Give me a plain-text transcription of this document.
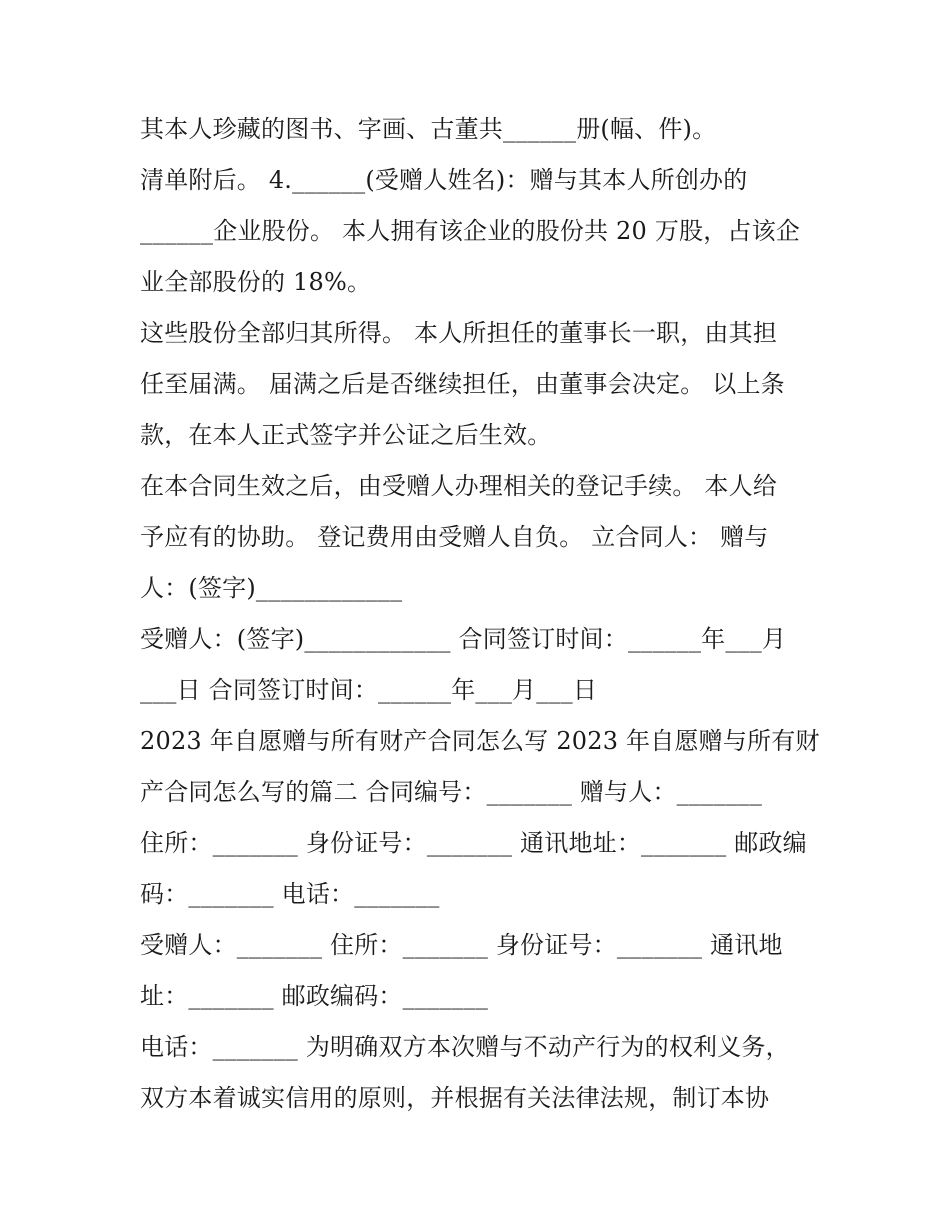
其本人珍藏的图书、字画、古董共______册(幅、件)。
清单附后。 4.______(受赠人姓名)：赠与其本人所创办的
______企业股份。 本人拥有该企业的股份共 20 万股，占该企
业全部股份的 18%。
这些股份全部归其所得。 本人所担任的董事长一职，由其担
任至届满。 届满之后是否继续担任，由董事会决定。 以上条
款，在本人正式签字并公证之后生效。
在本合同生效之后，由受赠人办理相关的登记手续。 本人给
予应有的协助。 登记费用由受赠人自负。 立合同人： 赠与
人：(签字)____________
受赠人：(签字)____________ 合同签订时间：______年___月
___日 合同签订时间：______年___月___日
2023 年自愿赠与所有财产合同怎么写 2023 年自愿赠与所有财
产合同怎么写的篇二 合同编号：_______ 赠与人：_______
住所：_______ 身份证号：_______ 通讯地址：_______ 邮政编
码：_______ 电话：_______
受赠人：_______ 住所：_______ 身份证号：_______ 通讯地
址：_______ 邮政编码：_______
电话：_______ 为明确双方本次赠与不动产行为的权利义务，
双方本着诚实信用的原则，并根据有关法律法规，制订本协
